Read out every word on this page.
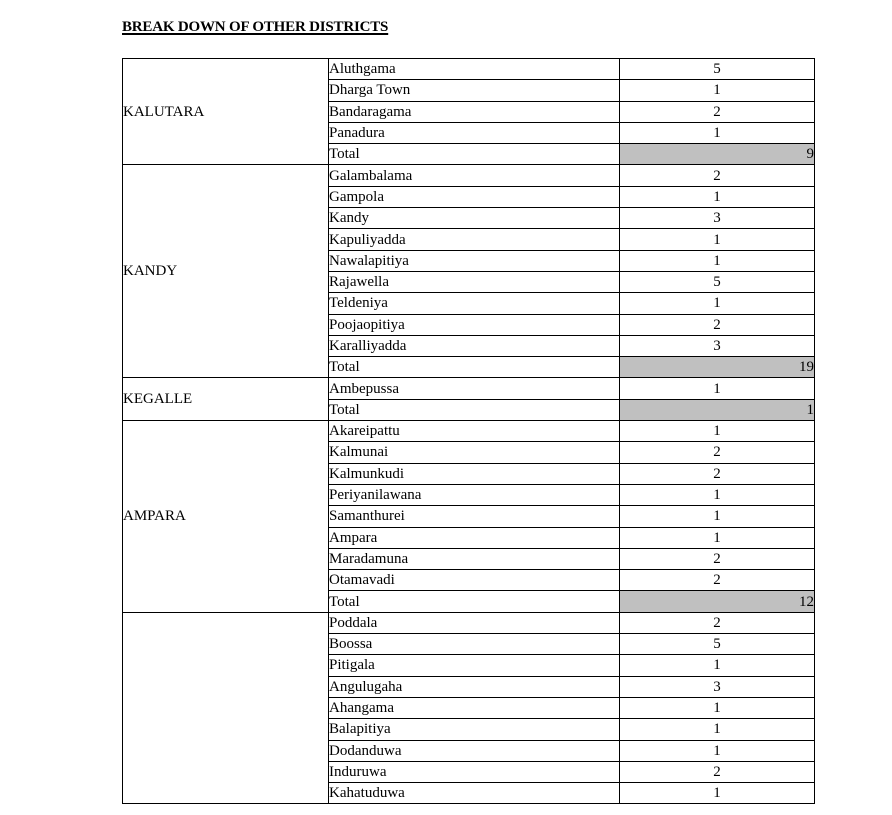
BREAK DOWN OF OTHER DISTRICTS
KALUTARA	Aluthgama	5
	Dharga Town	1
	Bandaragama	2
	Panadura	1
	Total	9
KANDY	Galambalama	2
	Gampola	1
	Kandy	3
	Kapuliyadda	1
	Nawalapitiya	1
	Rajawella	5
	Teldeniya	1
	Poojaopitiya	2
	Karalliyadda	3
	Total	19
KEGALLE	Ambepussa	1
	Total	1
AMPARA	Akareipattu	1
	Kalmunai	2
	Kalmunkudi	2
	Periyanilawana	1
	Samanthurei	1
	Ampara	1
	Maradamuna	2
	Otamavadi	2
	Total	12
	Poddala	2
	Boossa	5
	Pitigala	1
	Angulugaha	3
	Ahangama	1
	Balapitiya	1
	Dodanduwa	1
	Induruwa	2
	Kahatuduwa	1
